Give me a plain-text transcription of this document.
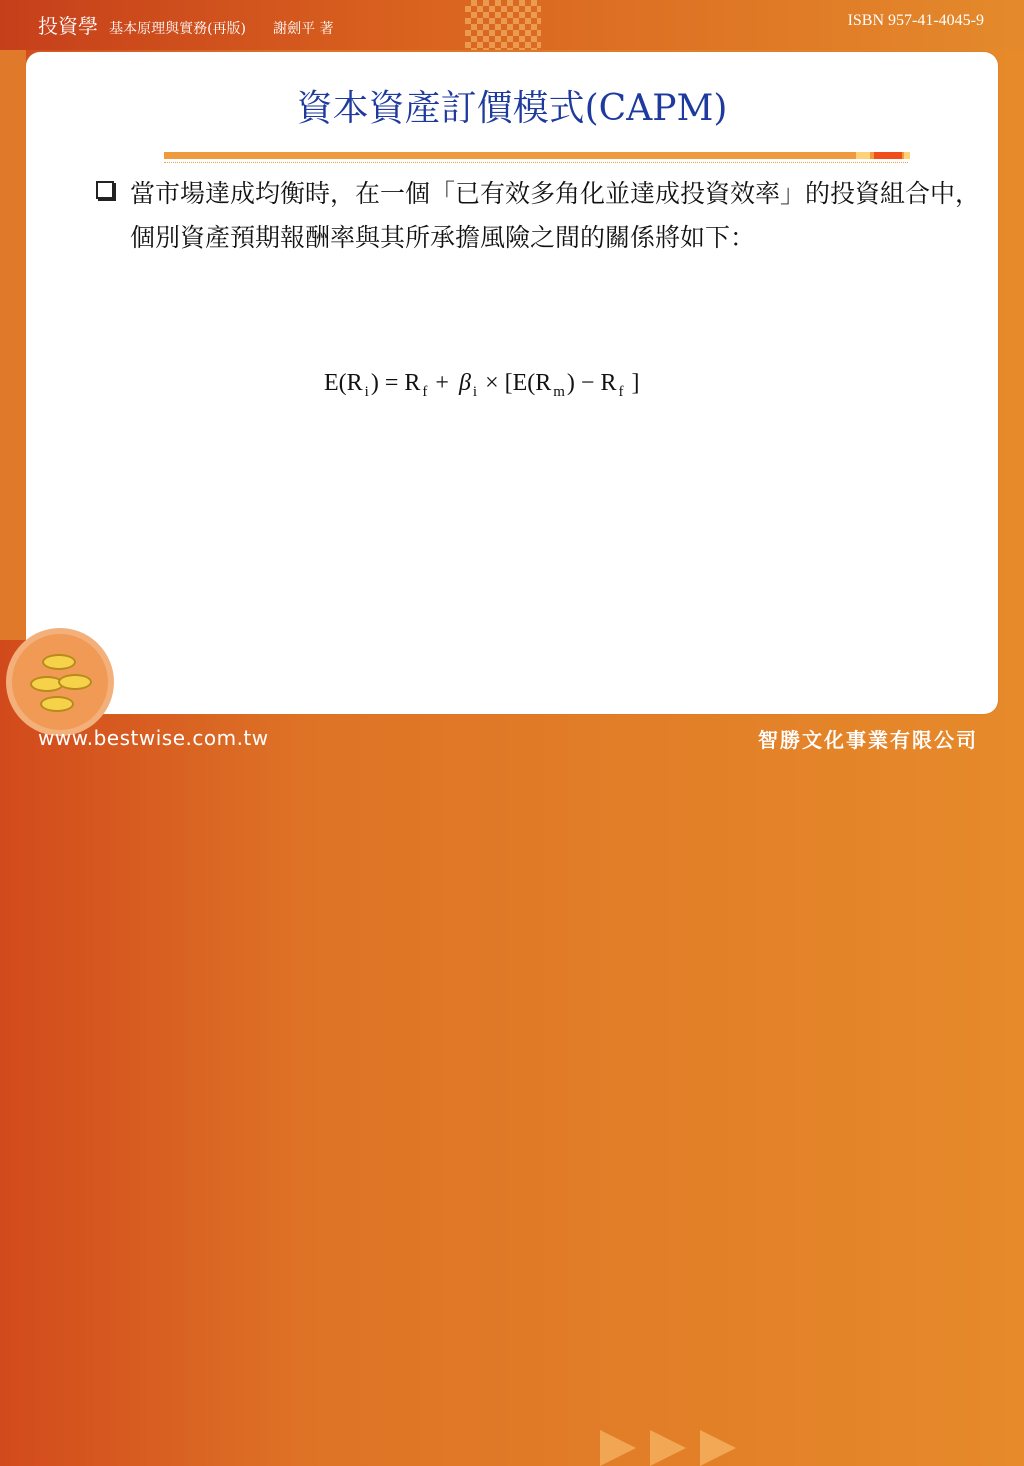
投資學 基本原理與實務(再版) 謝劍平 著	ISBN 957-41-4045-9
資本資產訂價模式(CAPM)
當市場達成均衡時，在一個「已有效多角化並達成投資效率」的投資組合中，個別資產預期報酬率與其所承擔風險之間的關係將如下：
E(R $_i$) = R $_f$ + β $_i$ × [E(R $_m$) − R $_f$ ]
www.bestwise.com.tw	智勝文化事業有限公司
